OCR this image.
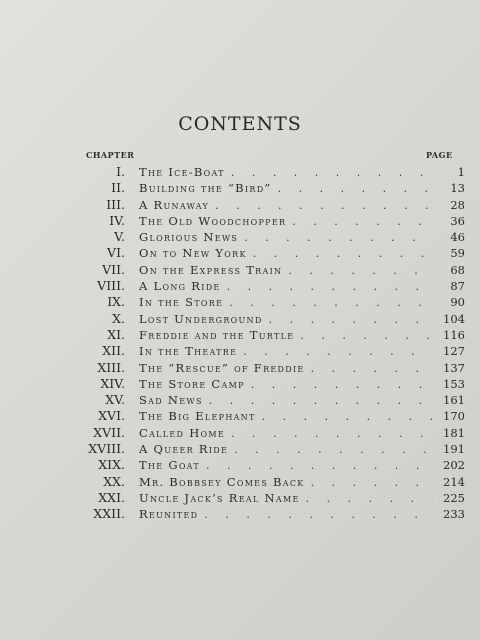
CONTENTS
CHAPTER	PAGE
I. The Ice-Boat . . .	1
II. Building the “Bird” . . .	13
III. A Runaway . . .	28
IV. The Old Woodchopper . . .	36
V. Glorious News . . .	46
VI. On to New York . . .	59
VII. On the Express Train . . .	68
VIII. A Long Ride . . .	87
IX. In the Store . . .	90
X. Lost Underground . . .	104
XI. Freddie and the Turtle . . .	116
XII. In the Theatre . . .	127
XIII. The “Rescue” of Freddie . . .	137
XIV. The Store Camp . . .	153
XV. Sad News . . .	161
XVI. The Big Elephant . . .	170
XVII. Called Home . . .	181
XVIII. A Queer Ride . . .	191
XIX. The Goat . . .	202
XX. Mr. Bobbsey Comes Back . . .	214
XXI. Uncle Jack’s Real Name . . .	225
XXII. Reunited . . .	233
